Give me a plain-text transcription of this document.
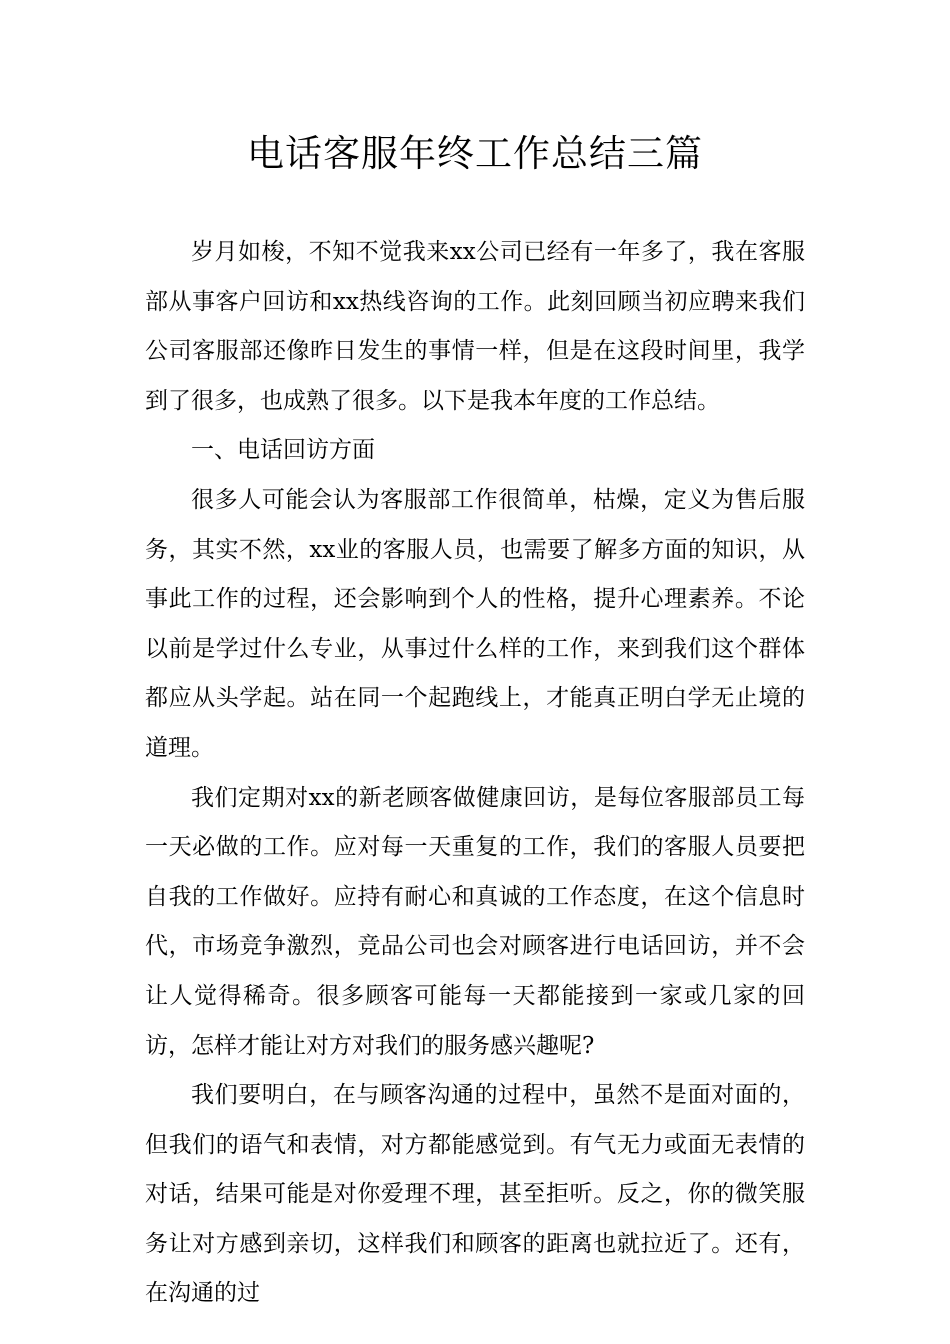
电话客服年终工作总结三篇

岁月如梭，不知不觉我来xx公司已经有一年多了，我在客服部从事客户回访和xx热线咨询的工作。此刻回顾当初应聘来我们公司客服部还像昨日发生的事情一样，但是在这段时间里，我学到了很多，也成熟了很多。以下是我本年度的工作总结。

一、电话回访方面

很多人可能会认为客服部工作很简单，枯燥，定义为售后服务，其实不然，xx业的客服人员，也需要了解多方面的知识，从事此工作的过程，还会影响到个人的性格，提升心理素养。不论以前是学过什么专业，从事过什么样的工作，来到我们这个群体都应从头学起。站在同一个起跑线上，才能真正明白学无止境的道理。

我们定期对xx的新老顾客做健康回访，是每位客服部员工每一天必做的工作。应对每一天重复的工作，我们的客服人员要把自我的工作做好。应持有耐心和真诚的工作态度，在这个信息时代，市场竞争激烈，竞品公司也会对顾客进行电话回访，并不会让人觉得稀奇。很多顾客可能每一天都能接到一家或几家的回访，怎样才能让对方对我们的服务感兴趣呢?

我们要明白，在与顾客沟通的过程中，虽然不是面对面的，但我们的语气和表情，对方都能感觉到。有气无力或面无表情的对话，结果可能是对你爱理不理，甚至拒听。反之，你的微笑服务让对方感到亲切，这样我们和顾客的距离也就拉近了。还有，在沟通的过
